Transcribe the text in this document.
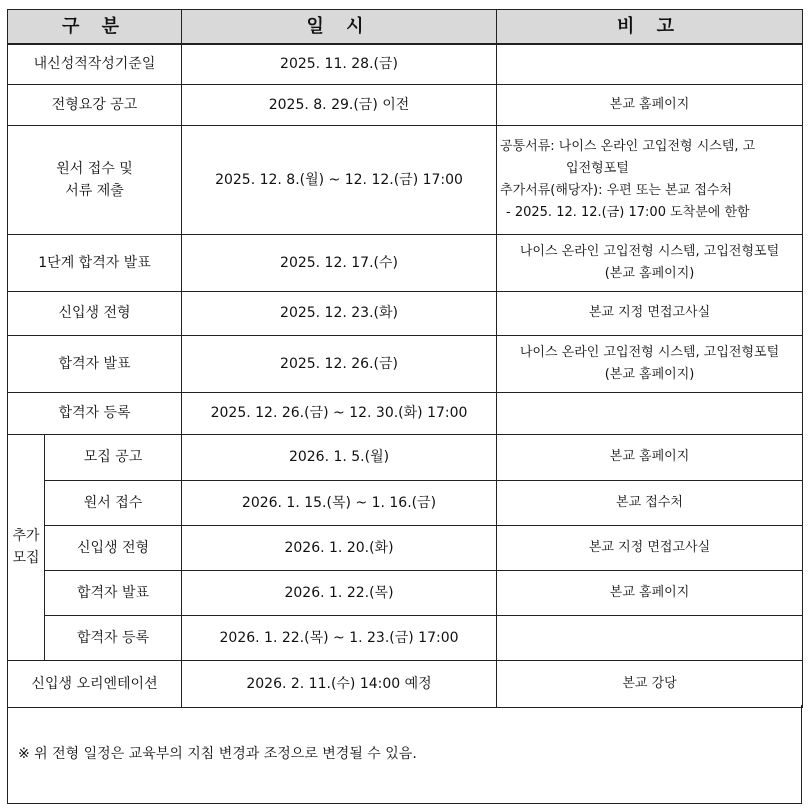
구 분		일 시	비 고
내신성적작성기준일		2025. 11. 28.(금)	
전형요강 공고		2025. 8. 29.(금) 이전	본교 홈페이지

원서 접수 및
서류 제출		2025. 12. 8.(월) ~ 12. 12.(금) 17:00	공통서류: 나이스 온라인 고입전형 시스템, 고
입전형포털
추가서류(해당자): 우편 또는 본교 접수처
- 2025. 12. 12.(금) 17:00 도착분에 한함

1단계 합격자 발표		2025. 12. 17.(수)	나이스 온라인 고입전형 시스템, 고입전형포털
(본교 홈페이지)

신입생 전형		2025. 12. 23.(화)	본교 지정 면접고사실
합격자 발표		2025. 12. 26.(금)	나이스 온라인 고입전형 시스템, 고입전형포털
(본교 홈페이지)

합격자 등록		2025. 12. 26.(금) ~ 12. 30.(화) 17:00	

추가
모집	모집 공고	2026. 1. 5.(월)	본교 홈페이지
	원서 접수	2026. 1. 15.(목) ~ 1. 16.(금)	본교 접수처
	신입생 전형	2026. 1. 20.(화)	본교 지정 면접고사실
	합격자 발표	2026. 1. 22.(목)	본교 홈페이지
	합격자 등록	2026. 1. 22.(목) ~ 1. 23.(금) 17:00	
신입생 오리엔테이션		2026. 2. 11.(수) 14:00 예정	본교 강당
※ 위 전형 일정은 교육부의 지침 변경과 조정으로 변경될 수 있음.
